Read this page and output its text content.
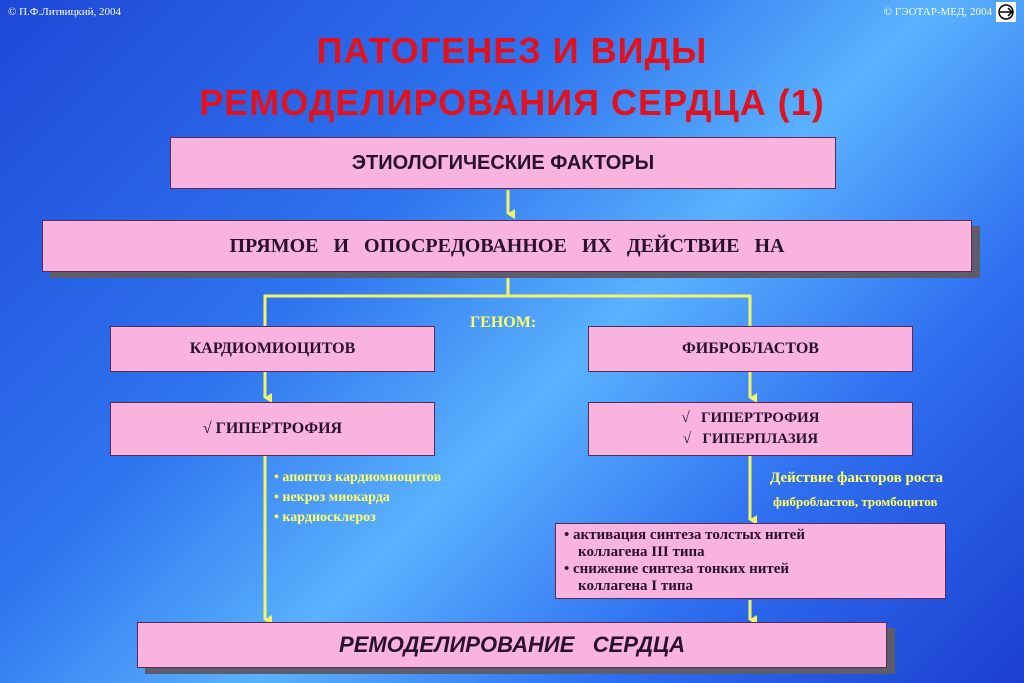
© П.Ф.Литвицкий, 2004	© ГЭОТАР-МЕД, 2004
ПАТОГЕНЕЗ И ВИДЫ
РЕМОДЕЛИРОВАНИЯ СЕРДЦА (1)
ЭТИОЛОГИЧЕСКИЕ ФАКТОРЫ
ПРЯМОЕ   И   ОПОСРЕДОВАННОЕ   ИХ   ДЕЙСТВИЕ   НА
ГЕНОМ:
КАРДИОМИОЦИТОВ	ФИБРОБЛАСТОВ
√ ГИПЕРТРОФИЯ
√   ГИПЕРТРОФИЯ
√   ГИПЕРПЛАЗИЯ
• апоптоз кардиомиоцитов
• некроз миокарда
• кардиосклероз
Действие факторов роста
фибробластов, тромбоцитов
• активация синтеза толстых нитей
коллагена III типа
• снижение синтеза тонких нитей
коллагена I типа
РЕМОДЕЛИРОВАНИЕ   СЕРДЦА
